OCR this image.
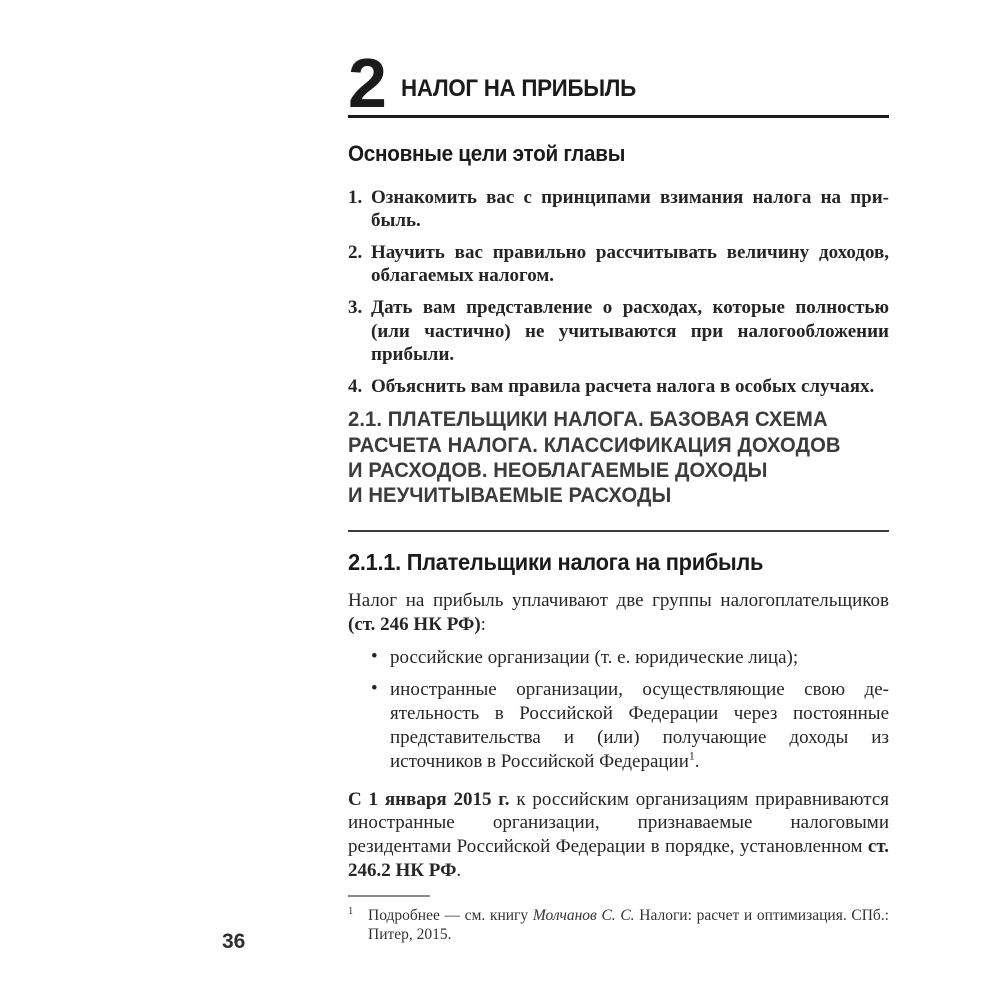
2 НАЛОГ НА ПРИБЫЛЬ
Основные цели этой главы
1. Ознакомить вас с принципами взимания налога на прибыль.
2. Научить вас правильно рассчитывать величину доходов, облагаемых налогом.
3. Дать вам представление о расходах, которые полностью (или частично) не учитываются при налогообложении прибыли.
4. Объяснить вам правила расчета налога в особых случаях.
2.1. ПЛАТЕЛЬЩИКИ НАЛОГА. БАЗОВАЯ СХЕМА
РАСЧЕТА НАЛОГА. КЛАССИФИКАЦИЯ ДОХОДОВ
И РАСХОДОВ. НЕОБЛАГАЕМЫЕ ДОХОДЫ
И НЕУЧИТЫВАЕМЫЕ РАСХОДЫ
2.1.1. Плательщики налога на прибыль

Налог на прибыль уплачивают две группы налогоплательщиков (ст. 246 НК РФ):

• российские организации (т. е. юридические лица);
• иностранные организации, осуществляющие свою деятельность в Российской Федерации через постоянные представительства и (или) получающие доходы из источников в Российской Федерации$^1$.

С 1 января 2015 г. к российским организациям приравниваются иностранные организации, признаваемые налоговыми резидентами Российской Федерации в порядке, установленном ст. 246.2 НК РФ.

$^1$ Подробнее — см. книгу Молчанов С. С. Налоги: расчет и оптимизация. СПб.: Питер, 2015.
36
